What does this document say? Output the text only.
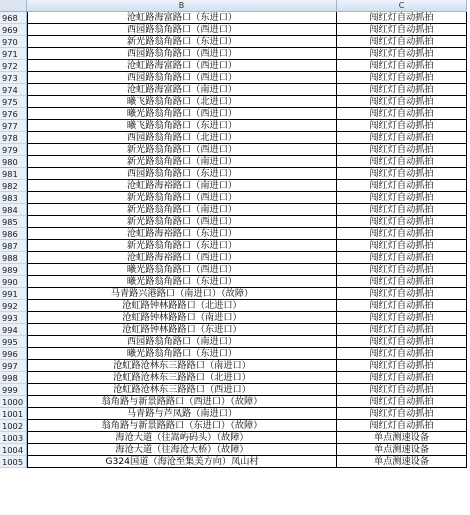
B	C
968	沧虹路海富路口（东进口）	闯红灯自动抓拍
969	西园路翁角路口（西进口）	闯红灯自动抓拍
970	新光路翁角路口（东进口）	闯红灯自动抓拍
971	西园路翁角路口（西进口）	闯红灯自动抓拍
972	沧虹路海富路口（西进口）	闯红灯自动抓拍
973	西园路翁角路口（西进口）	闯红灯自动抓拍
974	沧虹路海富路口（南进口）	闯红灯自动抓拍
975	曦飞路翁角路口（北进口）	闯红灯自动抓拍
976	曦光路翁角路口（西进口）	闯红灯自动抓拍
977	曦飞路翁角路口（东进口）	闯红灯自动抓拍
978	西园路翁角路口（北进口）	闯红灯自动抓拍
979	新光路翁角路口（西进口）	闯红灯自动抓拍
980	新光路翁角路口（南进口）	闯红灯自动抓拍
981	西园路翁角路口（东进口）	闯红灯自动抓拍
982	沧虹路海裕路口（南进口）	闯红灯自动抓拍
983	新光路翁角路口（西进口）	闯红灯自动抓拍
984	新光路翁角路口（南进口）	闯红灯自动抓拍
985	新光路翁角路口（西进口）	闯红灯自动抓拍
986	沧虹路海裕路口（东进口）	闯红灯自动抓拍
987	新光路翁角路口（东进口）	闯红灯自动抓拍
988	沧虹路海裕路口（西进口）	闯红灯自动抓拍
989	曦光路翁角路口（西进口）	闯红灯自动抓拍
990	曦光路翁角路口（东进口）	闯红灯自动抓拍
991	马青路兴港路口（南进口）（故障）	闯红灯自动抓拍
992	沧虹路钟林路路口（北进口）	闯红灯自动抓拍
993	沧虹路钟林路路口（南进口）	闯红灯自动抓拍
994	沧虹路钟林路路口（东进口）	闯红灯自动抓拍
995	西园路翁角路口（南进口）	闯红灯自动抓拍
996	曦光路翁角路口（东进口）	闯红灯自动抓拍
997	沧虹路沧林东三路路口（南进口）	闯红灯自动抓拍
998	沧虹路沧林东三路路口（北进口）	闯红灯自动抓拍
999	沧虹路沧林东三路路口（西进口）	闯红灯自动抓拍
1000	翁角路与新景路路口（西进口）（故障）	闯红灯自动抓拍
1001	马青路与芦凤路（南进口）	闯红灯自动抓拍
1002	翁角路与新景路路口（东进口）（故障）	闯红灯自动抓拍
1003	海沧大道（往嵩屿码头）（故障）	单点测速设备
1004	海沧大道（往海沧大桥）（故障）	单点测速设备
1005	G324国道（海沧至集美方向）凤山村	单点测速设备
